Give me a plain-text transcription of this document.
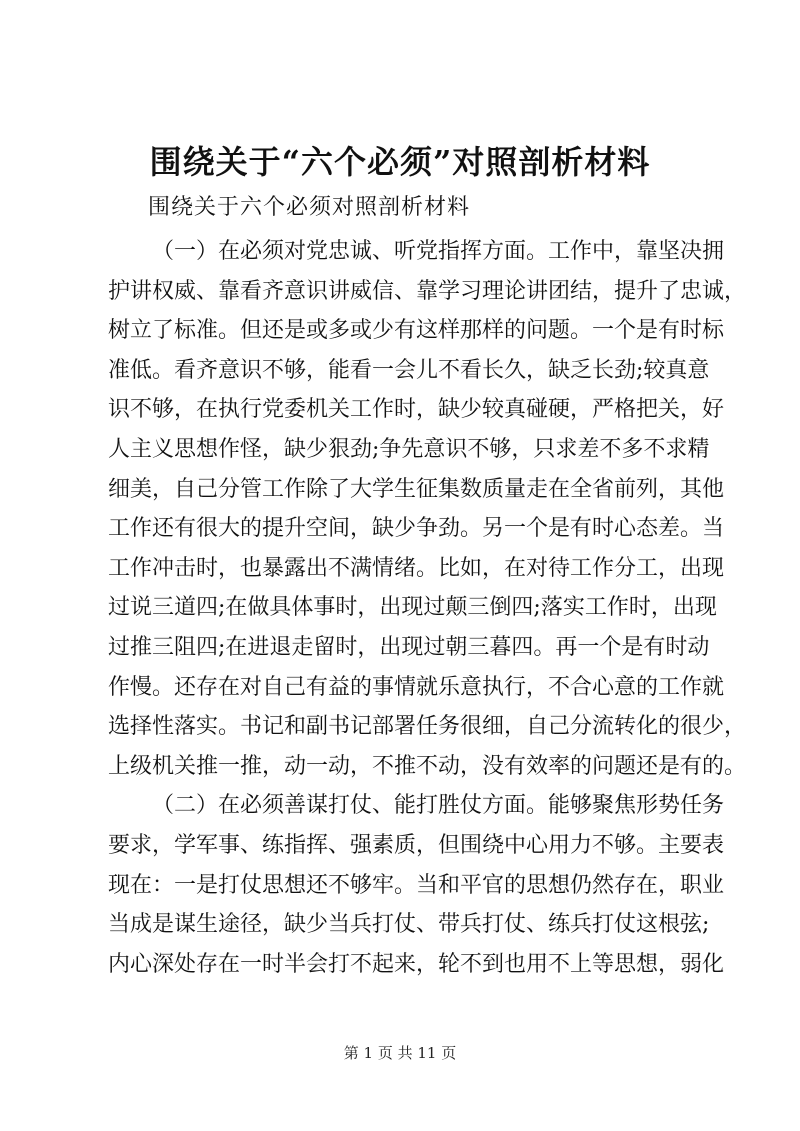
围绕关于“六个必须”对照剖析材料
围绕关于六个必须对照剖析材料
（一）在必须对党忠诚、听党指挥方面。工作中，靠坚决拥
护讲权威、靠看齐意识讲威信、靠学习理论讲团结，提升了忠诚，
树立了标准。但还是或多或少有这样那样的问题。一个是有时标
准低。看齐意识不够，能看一会儿不看长久，缺乏长劲;较真意
识不够，在执行党委机关工作时，缺少较真碰硬，严格把关，好
人主义思想作怪，缺少狠劲;争先意识不够，只求差不多不求精
细美，自己分管工作除了大学生征集数质量走在全省前列，其他
工作还有很大的提升空间，缺少争劲。另一个是有时心态差。当
工作冲击时，也暴露出不满情绪。比如，在对待工作分工，出现
过说三道四;在做具体事时，出现过颠三倒四;落实工作时，出现
过推三阻四;在进退走留时，出现过朝三暮四。再一个是有时动
作慢。还存在对自己有益的事情就乐意执行，不合心意的工作就
选择性落实。书记和副书记部署任务很细，自己分流转化的很少，
上级机关推一推，动一动，不推不动，没有效率的问题还是有的。
（二）在必须善谋打仗、能打胜仗方面。能够聚焦形势任务
要求，学军事、练指挥、强素质，但围绕中心用力不够。主要表
现在：一是打仗思想还不够牢。当和平官的思想仍然存在，职业
当成是谋生途径，缺少当兵打仗、带兵打仗、练兵打仗这根弦;
内心深处存在一时半会打不起来，轮不到也用不上等思想，弱化
第 1 页 共 11 页
